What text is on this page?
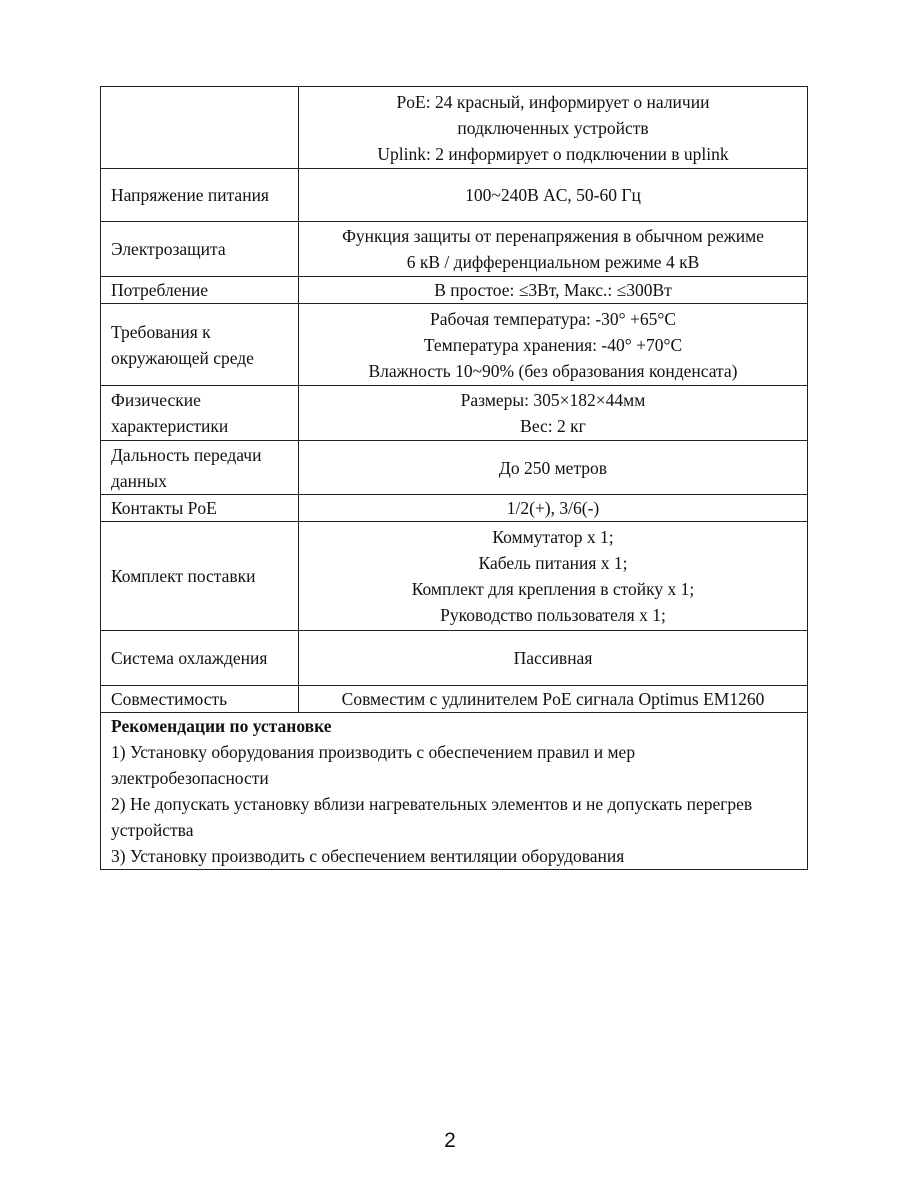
	PoE: 24 красный, информирует о наличии
подключенных устройств
Uplink: 2 информирует о подключении в uplink

Напряжение питания	100~240В AC, 50-60 Гц

Электрозащита	Функция защиты от перенапряжения в обычном режиме
6 кВ / дифференциальном режиме 4 кВ

Потребление	В простое: ≤3Вт, Макс.: ≤300Вт

Требования к окружающей среде	Рабочая температура: -30° +65°С
Температура хранения: -40° +70°С
Влажность 10~90% (без образования конденсата)

Физические характеристики	Размеры: 305×182×44мм
Вес: 2 кг

Дальность передачи данных	До 250 метров

Контакты PoE	1/2(+), 3/6(-)

Комплект поставки	Коммутатор х 1;
Кабель питания х 1;
Комплект для крепления в стойку х 1;
Руководство пользователя х 1;

Система охлаждения	Пассивная

Совместимость	Совместим с удлинителем PoE сигнала Optimus EM1260

Рекомендации по установке
1) Установку оборудования производить с обеспечением правил и мер электробезопасности
2) Не допускать установку вблизи нагревательных элементов и не допускать перегрев устройства
3) Установку производить с обеспечением вентиляции оборудования	
2
